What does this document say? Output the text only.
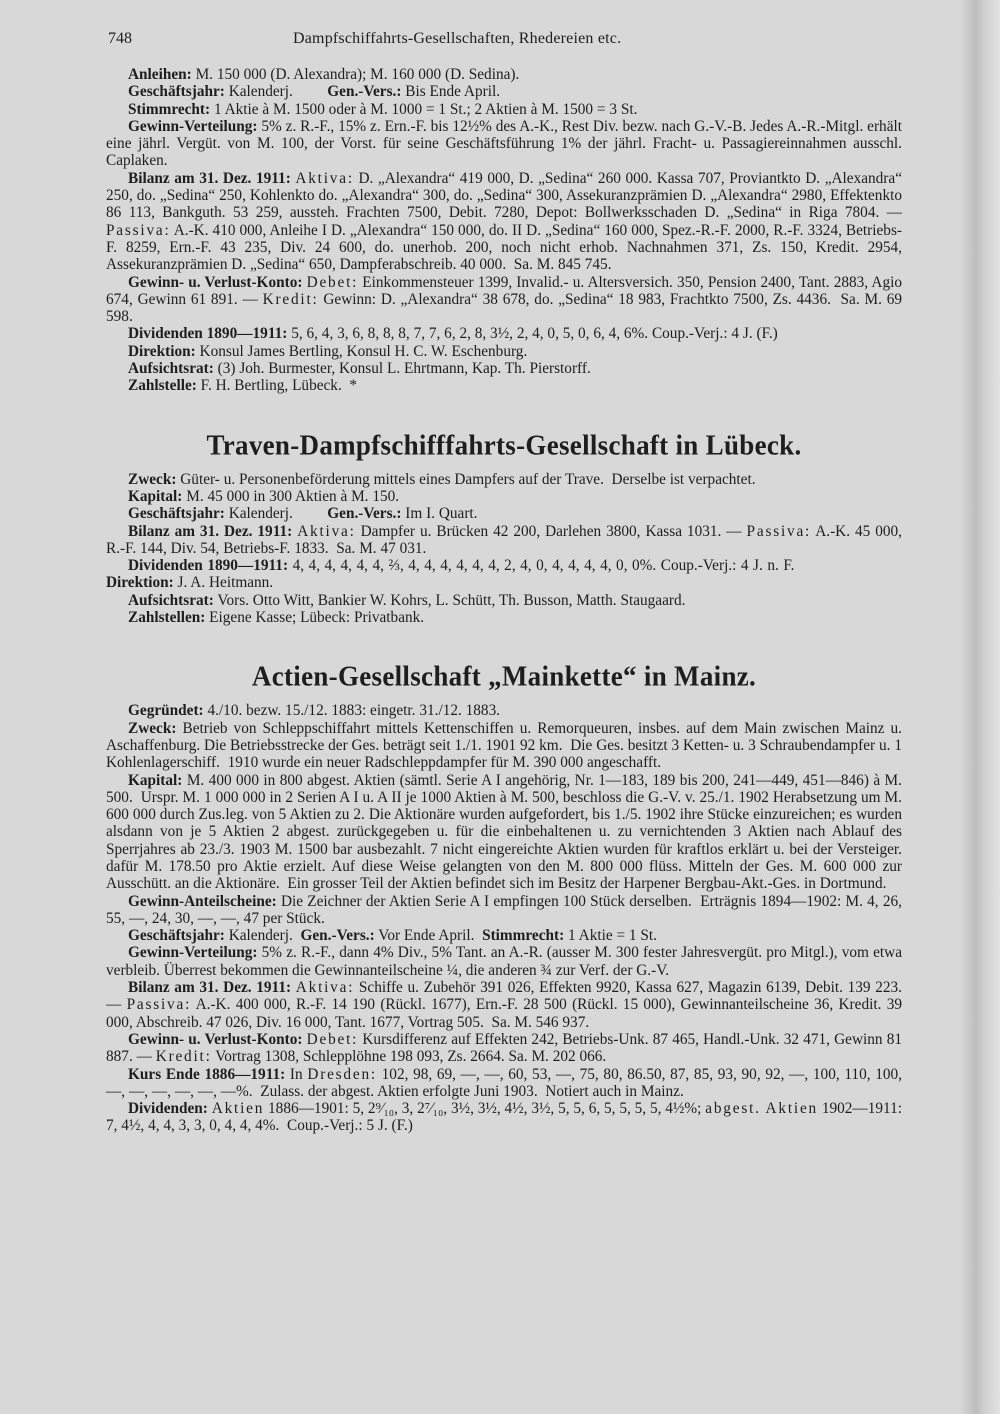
748	Dampfschiffahrts-Gesellschaften, Rhedereien etc.

Anleihen: M. 150 000 (D. Alexandra); M. 160 000 (D. Sedina).

Geschäftsjahr: Kalenderj.         Gen.-Vers.: Bis Ende April.

Stimmrecht: 1 Aktie à M. 1500 oder à M. 1000 = 1 St.; 2 Aktien à M. 1500 = 3 St.

Gewinn-Verteilung: 5% z. R.-F., 15% z. Ern.-F. bis 12½% des A.-K., Rest Div. bezw. nach G.-V.-B. Jedes A.-R.-Mitgl. erhält eine jährl. Vergüt. von M. 100, der Vorst. für seine Geschäftsführung 1% der jährl. Fracht- u. Passagiereinnahmen ausschl. Caplaken.

Bilanz am 31. Dez. 1911: Aktiva: D. „Alexandra“ 419 000, D. „Sedina“ 260 000. Kassa 707, Proviantkto D. „Alexandra“ 250, do. „Sedina“ 250, Kohlenkto do. „Alexandra“ 300, do. „Sedina“ 300, Assekuranzprämien D. „Alexandra“ 2980, Effektenkto 86 113, Bankguth. 53 259, aussteh. Frachten 7500, Debit. 7280, Depot: Bollwerksschaden D. „Sedina“ in Riga 7804. — Passiva: A.-K. 410 000, Anleihe I D. „Alexandra“ 150 000, do. II D. „Sedina“ 160 000, Spez.-R.-F. 2000, R.-F. 3324, Betriebs-F. 8259, Ern.-F. 43 235, Div. 24 600, do. unerhob. 200, noch nicht erhob. Nachnahmen 371, Zs. 150, Kredit. 2954, Assekuranzprämien D. „Sedina“ 650, Dampferabschreib. 40 000.  Sa. M. 845 745.

Gewinn- u. Verlust-Konto: Debet: Einkommensteuer 1399, Invalid.- u. Altersversich. 350, Pension 2400, Tant. 2883, Agio 674, Gewinn 61 891. — Kredit: Gewinn: D. „Alexandra“ 38 678, do. „Sedina“ 18 983, Frachtkto 7500, Zs. 4436.  Sa. M. 69 598.

Dividenden 1890—1911: 5, 6, 4, 3, 6, 8, 8, 8, 7, 7, 6, 2, 8, 3½, 2, 4, 0, 5, 0, 6, 4, 6%. Coup.-Verj.: 4 J. (F.)

Direktion: Konsul James Bertling, Konsul H. C. W. Eschenburg.

Aufsichtsrat: (3) Joh. Burmester, Konsul L. Ehrtmann, Kap. Th. Pierstorff.

Zahlstelle: F. H. Bertling, Lübeck.  *

Traven-Dampfschifffahrts-Gesellschaft in Lübeck.

Zweck: Güter- u. Personenbeförderung mittels eines Dampfers auf der Trave.  Derselbe ist verpachtet.

Kapital: M. 45 000 in 300 Aktien à M. 150.

Geschäftsjahr: Kalenderj.         Gen.-Vers.: Im I. Quart.

Bilanz am 31. Dez. 1911: Aktiva: Dampfer u. Brücken 42 200, Darlehen 3800, Kassa 1031. — Passiva: A.-K. 45 000, R.-F. 144, Div. 54, Betriebs-F. 1833.  Sa. M. 47 031.

Dividenden 1890—1911: 4, 4, 4, 4, 4, 4, ⅔, 4, 4, 4, 4, 4, 4, 2, 4, 0, 4, 4, 4, 4, 0, 0%. Coup.-Verj.: 4 J. n. F.                         Direktion: J. A. Heitmann.

Aufsichtsrat: Vors. Otto Witt, Bankier W. Kohrs, L. Schütt, Th. Busson, Matth. Staugaard.

Zahlstellen: Eigene Kasse; Lübeck: Privatbank.

Actien-Gesellschaft „Mainkette“ in Mainz.

Gegründet: 4./10. bezw. 15./12. 1883: eingetr. 31./12. 1883.

Zweck: Betrieb von Schleppschiffahrt mittels Kettenschiffen u. Remorqueuren, insbes. auf dem Main zwischen Mainz u. Aschaffenburg. Die Betriebsstrecke der Ges. beträgt seit 1./1. 1901 92 km.  Die Ges. besitzt 3 Ketten- u. 3 Schraubendampfer u. 1 Kohlenlagerschiff.  1910 wurde ein neuer Radschleppdampfer für M. 390 000 angeschafft.

Kapital: M. 400 000 in 800 abgest. Aktien (sämtl. Serie A I angehörig, Nr. 1—183, 189 bis 200, 241—449, 451—846) à M. 500.  Urspr. M. 1 000 000 in 2 Serien A I u. A II je 1000 Aktien à M. 500, beschloss die G.-V. v. 25./1. 1902 Herabsetzung um M. 600 000 durch Zus.leg. von 5 Aktien zu 2. Die Aktionäre wurden aufgefordert, bis 1./5. 1902 ihre Stücke einzureichen; es wurden alsdann von je 5 Aktien 2 abgest. zurückgegeben u. für die einbehaltenen u. zu vernichtenden 3 Aktien nach Ablauf des Sperrjahres ab 23./3. 1903 M. 1500 bar ausbezahlt. 7 nicht eingereichte Aktien wurden für kraftlos erklärt u. bei der Versteiger. dafür M. 178.50 pro Aktie erzielt. Auf diese Weise gelangten von den M. 800 000 flüss. Mitteln der Ges. M. 600 000 zur Ausschütt. an die Aktionäre.  Ein grosser Teil der Aktien befindet sich im Besitz der Harpener Bergbau-Akt.-Ges. in Dortmund.

Gewinn-Anteilscheine: Die Zeichner der Aktien Serie A I empfingen 100 Stück derselben.  Erträgnis 1894—1902: M. 4, 26, 55, —, 24, 30, —, —, 47 per Stück.

Geschäftsjahr: Kalenderj.  Gen.-Vers.: Vor Ende April.  Stimmrecht: 1 Aktie = 1 St.

Gewinn-Verteilung: 5% z. R.-F., dann 4% Div., 5% Tant. an A.-R. (ausser M. 300 fester Jahresvergüt. pro Mitgl.), vom etwa verbleib. Überrest bekommen die Gewinnanteilscheine ¼, die anderen ¾ zur Verf. der G.-V.

Bilanz am 31. Dez. 1911: Aktiva: Schiffe u. Zubehör 391 026, Effekten 9920, Kassa 627, Magazin 6139, Debit. 139 223. — Passiva: A.-K. 400 000, R.-F. 14 190 (Rückl. 1677), Ern.-F. 28 500 (Rückl. 15 000), Gewinnanteilscheine 36, Kredit. 39 000, Abschreib. 47 026, Div. 16 000, Tant. 1677, Vortrag 505.  Sa. M. 546 937.

Gewinn- u. Verlust-Konto: Debet: Kursdifferenz auf Effekten 242, Betriebs-Unk. 87 465, Handl.-Unk. 32 471, Gewinn 81 887. — Kredit: Vortrag 1308, Schlepplöhne 198 093, Zs. 2664. Sa. M. 202 066.

Kurs Ende 1886—1911: In Dresden: 102, 98, 69, —, —, 60, 53, —, 75, 80, 86.50, 87, 85, 93, 90, 92, —, 100, 110, 100, —, —, —, —, —, —%.  Zulass. der abgest. Aktien erfolgte Juni 1903.  Notiert auch in Mainz.

Dividenden: Aktien 1886—1901: 5, 2⁹⁄₁₀, 3, 2⁷⁄₁₀, 3½, 3½, 4½, 3½, 5, 5, 6, 5, 5, 5, 5, 4½%; abgest. Aktien 1902—1911: 7, 4½, 4, 4, 3, 3, 0, 4, 4, 4%.  Coup.-Verj.: 5 J. (F.)
